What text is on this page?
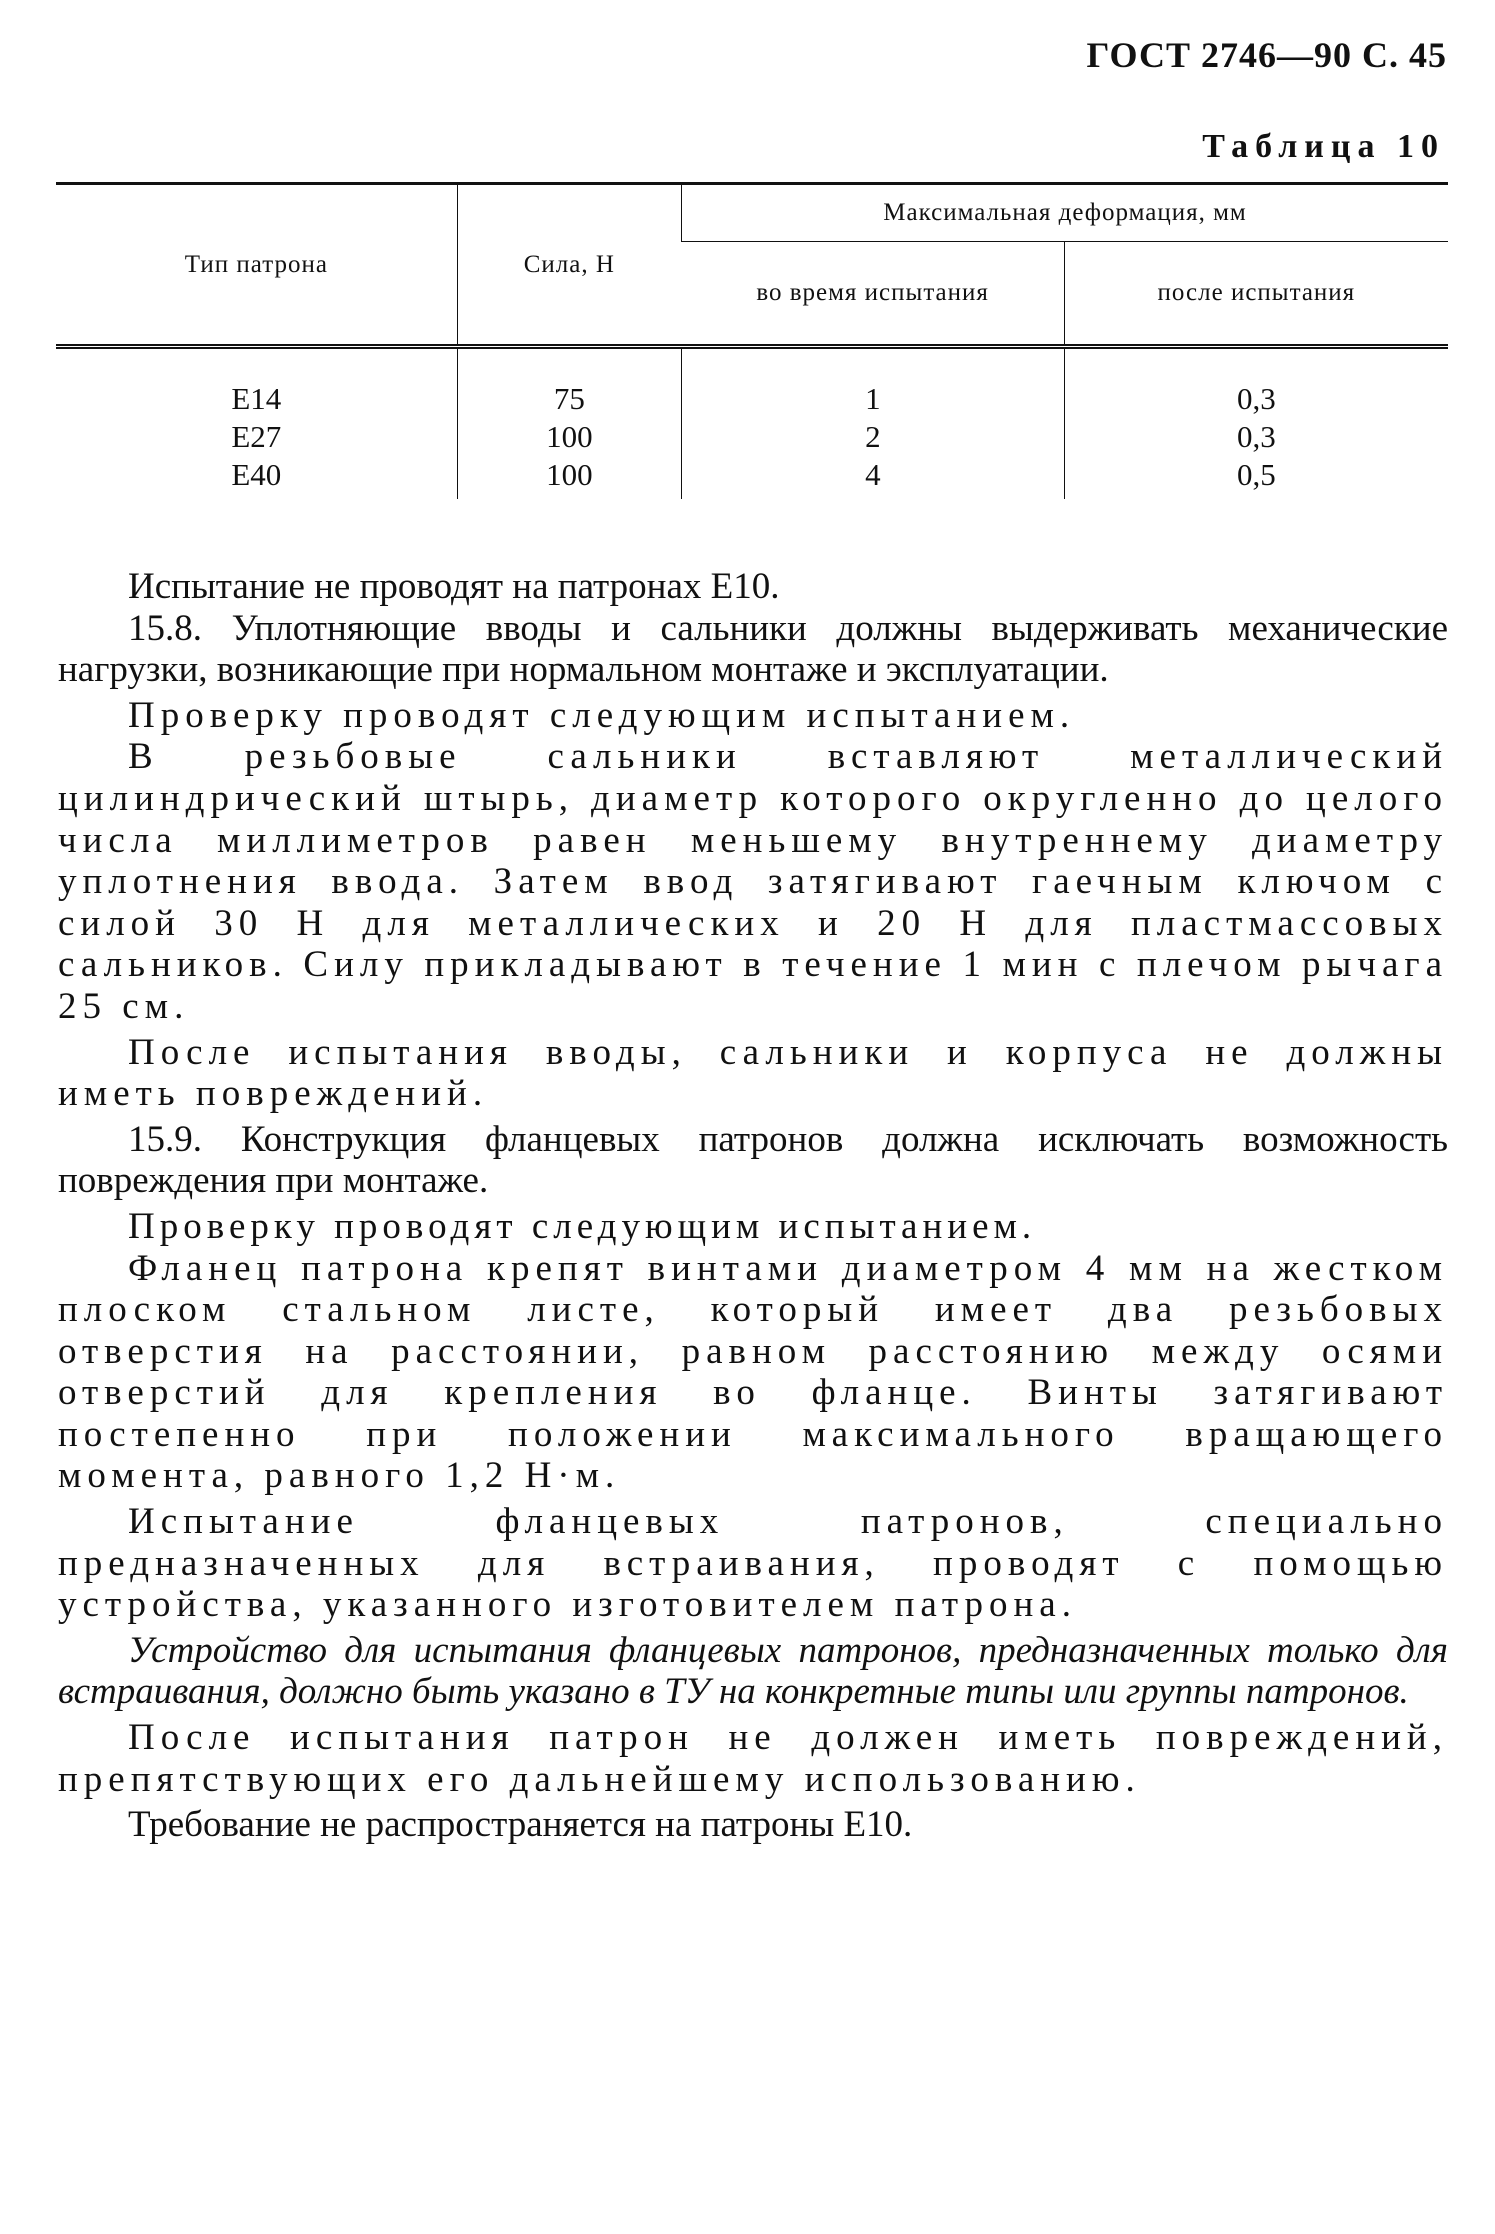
ГОСТ 2746—90 С. 45
Таблица 10
Тип патрона	Сила, Н	Максимальная деформация, мм	
		во время испытания	после испытания
E14	75	1	0,3
E27	100	2	0,3
E40	100	4	0,5

Испытание не проводят на патронах Е10.

15.8. Уплотняющие вводы и сальники должны выдерживать механические нагрузки, возникающие при нормальном монтаже и эксплуатации.

Проверку проводят следующим испытанием.

В резьбовые сальники вставляют металлический цилиндрический штырь, диаметр которого округленно до целого числа миллиметров равен меньшему внутреннему диаметру уплотнения ввода. Затем ввод затягивают гаечным ключом с силой 30 Н для металлических и 20 Н для пластмассовых сальников. Силу прикладывают в течение 1 мин с плечом рычага 25 см.

После испытания вводы, сальники и корпуса не должны иметь повреждений.

15.9. Конструкция фланцевых патронов должна исключать возможность повреждения при монтаже.

Проверку проводят следующим испытанием.

Фланец патрона крепят винтами диаметром 4 мм на жестком плоском стальном листе, который имеет два резьбовых отверстия на расстоянии, равном расстоянию между осями отверстий для крепления во фланце. Винты затягивают постепенно при положении максимального вращающего момента, равного 1,2 Н·м.

Испытание фланцевых патронов, специально предназначенных для встраивания, проводят с помощью устройства, указанного изготовителем патрона.

Устройство для испытания фланцевых патронов, предназначенных только для встраивания, должно быть указано в ТУ на конкретные типы или группы патронов.

После испытания патрон не должен иметь повреждений, препятствующих его дальнейшему использованию.

Требование не распространяется на патроны Е10.
